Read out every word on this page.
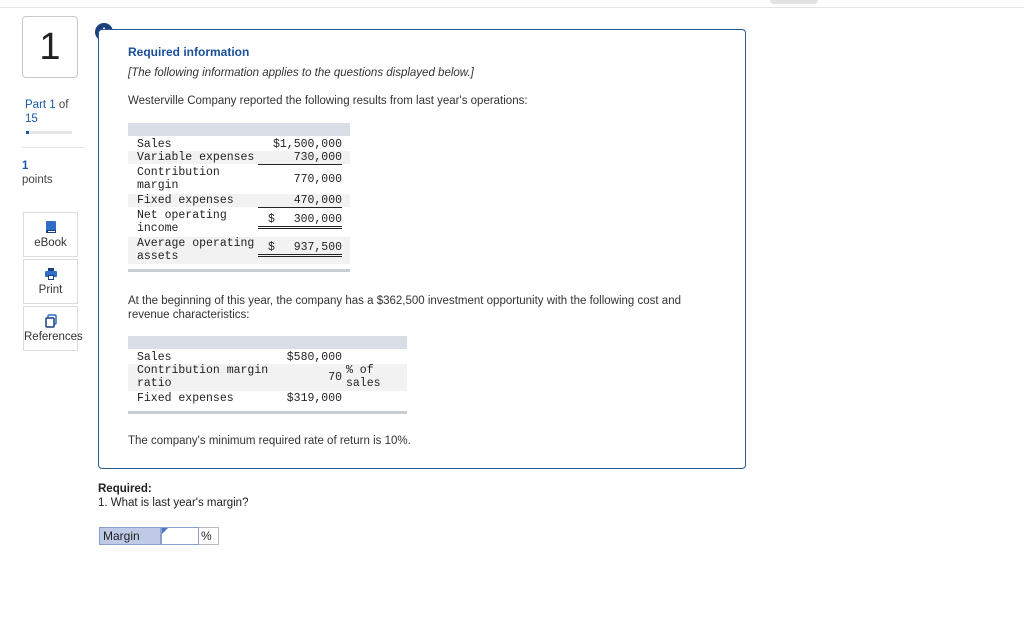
1
Part 1 of
15
1
points
eBook
Print
References
Required information
[The following information applies to the questions displayed below.]
Westerville Company reported the following results from last year's operations:
Sales	$1,500,000
Variable expenses	730,000
Contribution
margin	770,000
Fixed expenses	470,000
Net operating
income
$	300,000
Average operating
assets
$	937,500
At the beginning of this year, the company has a $362,500 investment opportunity with the following cost and revenue characteristics:
Sales	$580,000
Contribution margin
ratio	70
% of
sales
Fixed expenses	$319,000
The company's minimum required rate of return is 10%.
Required:
1. What is last year's margin?
Margin	%
